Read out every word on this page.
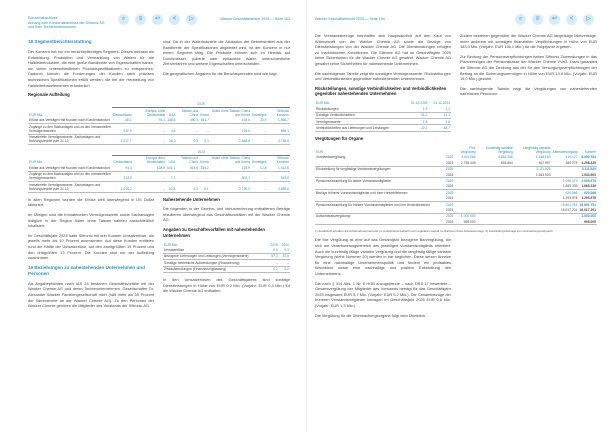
Konzernabschluss
Anhang zum Konzernabschluss der Siltronic AG
und ihrer Tochterunternehmen
⌕	≡	↩	<	▷	Wacker Geschäftsbericht 2025 — Seite 163
18 Segmentberichterstattung

Der Konzern hat nur ein berichtspflichtiges Segment. Dieses umfasst die Entwicklung, Produktion und Vermarktung von Wafern für die Halbleiterindustrie, die eine große Bandbreite von Eigenschaften haben, um vielen unterschiedlichen Produktspezifikationen zu entsprechen. Dadurch können die Forderungen der Kunden nach präzisen technischen Spezifikationen erfüllt werden, die bei der Herstellung von Halbleiterbauelementen erforderlich

sind. Da in der Waferindustrie die Allokation der Betriebsmittel aus der Bandbreite der Spezifikationen abgeleitet wird, ist der Konzern in nur einem Segment tätig. Die Produkte können sich im Hinblick auf Durchmesser, polierte oder epitaxierte Wafer, unterschiedliche Ziehverfahren und weitere Eigenschaften unterscheiden.

Die geografischen Angaben für die Berichtsperioden sind wie folgt:

Regionale Aufteilung
	2025							
EUR Mio.	Deutschland	Europa, ohne Deutschland	USA	Taiwan und China	Korea	Asien ohne Taiwan, China und Korea	Sonstiges	Siltronic Konzern
Erlöse aus Verträgen mit Kunden nach Kundenstandort	48,1	91,1	158,6	490,3	541,7	192,6	23,9	1.556,7
Zugänge zu den Sachanlagen und zu den immateriellen Vermögenswerten	332,3	–	4,6	–	–	215,6	–	555,1
Immaterielle Vermögenswerte, Sachanlagen und Nutzungsrechte zum 31.12.	1.017,7	–	26,3	0,3	0,1	2.668,6	–	3.748,9
	2024							
EUR Mio.	Deutschland	Europa ohne Deutschland	USA	Taiwan und China	Korea	Asien ohne Taiwan, China und Korea	Sonstiges	Siltronic Konzern
Erlöse aus Verträgen mit Kunden nach Kundenstandort	94,3	128,5	531,1	493,6	354,2	135,9	12,8	1.412,8
Zugänge zu den Sachanlagen und zu den immateriellen Vermögenswerten	213,0	–	7,3	–	–	302,1	–	515,8
Immaterielle Vermögenswerte, Sachanlagen und Nutzungsrechte zum 31.12.	1.016,2	–	92,8	0,3	0,1	2.790,0	–	3.855,6

In allen Regionen wurden die Erlöse weit überwiegend in US Dollar fakturiert.

Im Übrigen sind die Immateriellen Vermögenswerte sowie Sachanlagen lediglich in der Region Asien ohne Taiwan nahezu ausschließlich lokalisiert.

Im Geschäftsjahr 2025 hatte Siltronic mit drei Kunden Umsatzerlöse, die jeweils mehr als 10 Prozent ausmachten. Auf diese Kunden entfielen rund die Hälfte der Umsatzerlöse, auf den zweitgrößten 19 Prozent und den drittgrößten 13 Prozent. Die Kunden sind nur der Aufteilung zuzuordnen.

19 Beziehungen zu nahestehenden Unternehmen und Personen

Als Angabepflichten nach IAS 24 bestehen Geschäftsvorfälle mit der Wacker Chemie AG und deren Tochterunternehmen. Gesellschafter Dr. Alexander Wacker Familiengesellschaft mbH (hält mehr als 50 Prozent der Stimmrechte an der Wacker Chemie AG). Zu den Personen der Wacker Chemie gehören die Mitglieder des Vorstands der Siltronic AG.

Nahestehende Unternehmen

Die folgenden in der Gewinn- und Verlustrechnung enthaltenen Beträge resultieren überwiegend aus Geschäftsvorfällen mit der Wacker Chemie AG:

Angaben zu Geschäftsvorfällen mit nahestehenden Unternehmen
EUR Mio.	2025	2024
Umsatzerlöse	0,0	0,3
Bezogene Lieferungen und Leistungen (Vermögenswerte)	57,0	57,6
Sonstige betriebliche Aufwendungen (Finanzierung)	–	–
Zinsaufwendungen (Finanzierungsleasing)	0,2	0,2

In den Umsatzerlösen des Geschäftsjahres sind sonstige Dienstleistungen in Höhe von EUR 0,0 Mio. (Vorjahr: EUR 0,3 Mio.) für die Wacker Chemie AG enthalten.

Wacker Geschäftsbericht 2025 — Seite 164	⌕	≡	↩	<	▷

Die Vorstandsbezüge beinhalten sich hauptsächlich auf den Kauf von Wärmekraft von der Wacker Chemie AG sowie die Bezüge von Dienstleistungen von der Wacker Chemie AG. Die Dienstleistungen erfolgen zu marktüblichen Konditionen. Die Siltronic AG hat im Geschäftsjahr 2025 keine Sicherheiten für die Wacker Chemie AG gewährt. Wacker Chemie AG gewährt keine Sicherheiten für nahestehende Unternehmen.

Die nachfolgende Tabelle zeigt die sonstigen Vermögenswerte, Rückstellungen und Verbindlichkeiten gegenüber nahestehenden Unternehmen.

Rückstellungen, sonstige Verbindlichkeiten und Verbindlichkeiten gegenüber nahestehenden Unternehmen
EUR Mio.	31.12.2025	31.12.2024
Rückstellungen	1,9	1,1
Sonstige Verbindlichkeiten	21,2	21,1
Vermögenswerte	1,6	1,5
Verbindlichkeiten aus Lieferungen und Leistungen	22,2	48,7

Zudem bestehen gegenüber der Wacker Chemie AG langfristige Mietverträge, unter anderem mit sonstigen finanziellen Verpflichtungen in Höhe von EUR 183,0 Mio. (Vorjahr: EUR 156,1 Mio.) für die Folgejahre ergeben.

Zur Bindung der Pensionsverpflichtungen haben Siltronic Zuwendungen in das Planvermögen der Pensionskasse der Wacker Chemie VVaG. Dazu garantiert die Siltronic AG die Deckung aus der für den Versorgungsverpflichtungen der Beitrag an die Sicherungsvermögen in Höhe von EUR 19,0 Mio. (Vorjahr: EUR 19,0 Mio.) gezahlt.

Die nachfolgende Tabelle zeigt die Vergütungen von nahestehenden natürlichen Personen:

Vergütungen für Organe
EUR		Fixe Vergütung	Kurzfristig variable Vergütung	Langfristig variable Vergütung	Altersversorgung	Summe
Vorstandsvergütung	2025	3.011.069	4.551.046	1.148.083	410.127	8.080.784
	2024	2.795.449	653.854	467.997	380.275	4.298.425
Rückstellung für langfristige Vorstandsvergütungen	2025			3.111.929		3.111.929
	2024			1.543.903		1.543.903
Pensionsrückstellung für aktive Vorstandsmitglieder	2025				2.095.575	2.095.575
	2024				1.665.339	1.665.339
Bezüge früherer Vorstandsmitglieder und ihrer Hinterbliebenen	2025				620.066	620.066
	2024				1.293.978	1.293.978
Pensionsrückstellung für frühere Vorstandsmitglieder und ihre Hinterbliebenen	2025				15.801.751	15.801.751
	2024				16.017.201	16.017.201
Aufsichtsratsvergütung¹	2025	1.000.000				1.000.000
	2024	995.000				995.000
1) Zusätzlich erhalten die Arbeitnehmervertreter im Aufsichtsrat weiterhin ein reguläres Gehalt im Rahmen ihres Arbeitsvertrags. 2) Auszahlungsbeträge zum Auszahlungszeitpunkt.

Die fixe Vergütung ist eine auf das Gesamtjahr bezogene Barvergütung, die sich am Verantwortungsbereich des jeweiligen Vorstandsmitglieds orientiert. Auch die kurzfristig fällige variable Vergütung und die langfristig fällige variable Vergütung (siehe Nummer 20) werden in bar beglichen. Diese setzen Anreize für eine nachhaltige Unternehmenspolitik und fördern ein profitables Wachstum sowie eine nachhaltige und positive Entwicklung des Unternehmens.

Die nach § 314 Abs. 1 Nr. 6 HGB anzugebende – nach DRS 17 bewertete – Gesamtvergütung der Mitglieder des Vorstands beträgt für das Geschäftsjahr 2025 insgesamt EUR 5,7 Mio. (Vorjahr: EUR 5,2 Mio.). Die Gesamtbezüge der früheren Vorstandsmitglieder betragen im Geschäftsjahr 2025 EUR 0,6 Mio. (Vorjahr: EUR 1,3 Mio.).

Die Vergütung für die Überwachungsorgane folgt dem Überblick.
